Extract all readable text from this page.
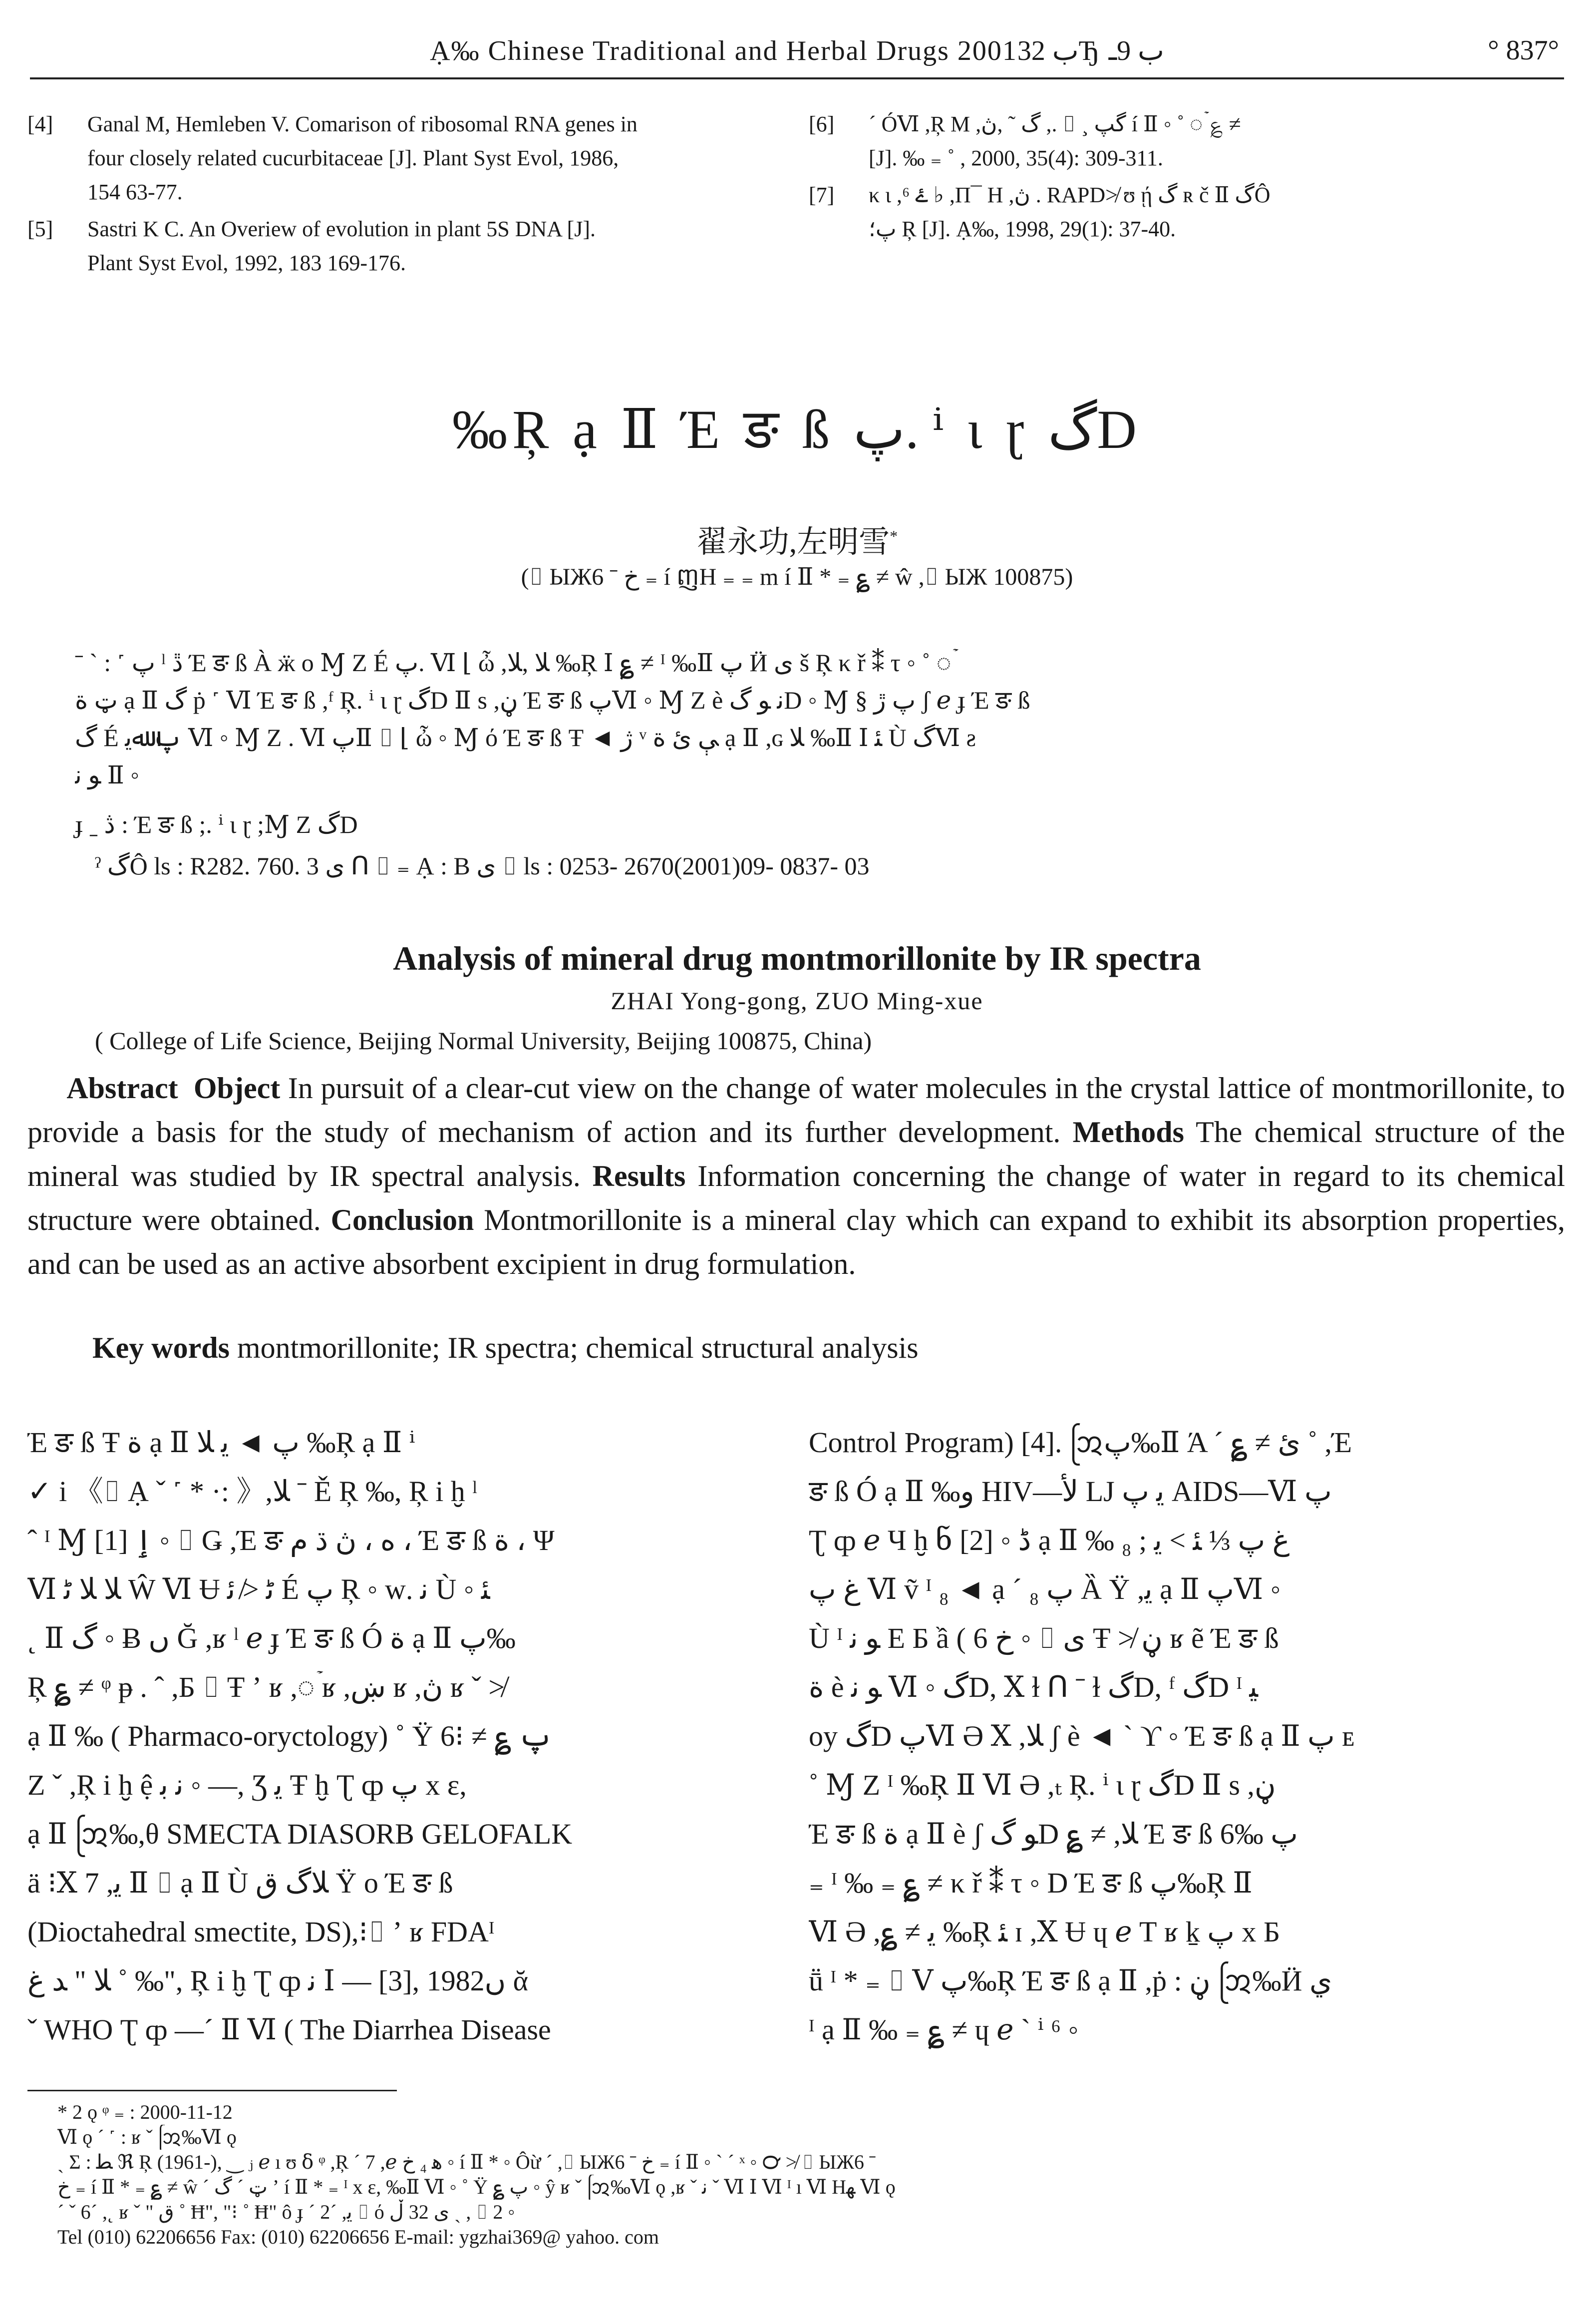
Ạ‰ Chinese Traditional and Herbal Drugs 2001ب 32Ђ ب 9ـ	° 837°
[4] Ganal M, Hemleben V. Comarison of ribosomal RNA genes in
four closely related cucurbitaceae [J]. Plant Syst Evol, 1986,
154 63-77.
[5] Sastri K C. An Overiew of evolution in plant 5S DNA [J].
Plant Syst Evol, 1992, 183 169-176.
[6] ´ ÓⅥ ,Ŗ Μ ,گ ˜ ,ڽ ,. ⌷ ¸ گپ í Ⅱ ◦ ˚ ◌ۡ ؏ ≠
[J]. ‰ ₌ ˚ , 2000, 35(4): 309-311.
[7] κ ι ,ۓ ⁶ ♭ ,Π¯ Η ,ڽ . RAPD≯ ʊ ῄ گ ʀ č Ⅱ گÔ
پ؛ Ŗ [J]. Ạ‰, 1998, 29(1): 37-40.
‰Ŗ ạ Ⅱ Έ ङ ß پ. ⁱ ι ɽ گD
翟永功,左明雪*
(⌷ ЫЖ6 ˉ خ ₌ í ញΗ ₌ ₌ m í Ⅱ * ₌ ؏ ≠ ŵ ,⌷ ЫЖ 100875)
ˉ ˋ : ˹ پ ˡ ڐ Έ ङ ß À ӝ ο Ɱ Ζ É پ. Ⅵ ⌊ ὦ ,ﻼ ,ﻼ ‰Ŗ Ⅰ ؏ ≠ ᴵ ‰Ⅱ پ Ӥ ی š Ŗ κ ř ⁑ τ ◦ ˚ ◌ۡ
ټ ة ạ Ⅱ گ ṗ ˹ Ⅵ Έ ङ ß ,ᶠ Ŗ. ⁱ ι ɽ گD Ⅱ s ,ڼ Έ ङ ß پⅥ ◦ Ɱ Ζ è ﻧ ﻮ گD ◦ Ɱ § پ ڙ ʃ ℯ ɟ Έ ङ ß
گ É پ ﷲﯾ Ⅵ ◦ Ɱ Ζ . Ⅵ پⅡ ⌷ ⌊ ὦ ◦ Ɱ ό Έ ङ ß Ŧ ◄ ژ ᵛ ﯥ ئ ة ạ Ⅱ ,ɢ ﻼ ‰Ⅱ Ⅰ ﺌ Ù گⅥ ƨ
ﻮ ﻧ Ⅱ ◦
ɟ ˍ ڎ : Έ ङ ß ;. ⁱ ι ɽ ;Ɱ Ζ گD
ˀ گÔ ls : R282. 760. 3 ﯼ ᑎ ⌷ ₌ Ạ : B ﯼ ⌷ ls : 0253- 2670(2001)09- 0837- 03
Analysis of mineral drug montmorillonite by IR spectra
ZHAI Yong-gong, ZUO Ming-xue
( College of Life Science, Beijing Normal University, Beijing 100875, China)
Abstract Object In pursuit of a clear-cut view on the change of water molecules in the crystal lattice of montmorillonite, to provide a basis for the study of mechanism of action and its further development. Methods The chemical structure of the mineral was studied by IR spectral analysis. Results Information concerning the change of water in regard to its chemical structure were obtained. Conclusion Montmorillonite is a mineral clay which can expand to exhibit its absorption properties, and can be used as an active absorbent excipient in drug formulation.
Key words montmorillonite; IR spectra; chemical structural analysis
Έ ङ ß Ŧ ة ạ Ⅱ پ ◄ ﯾ ﻼ ‰Ŗ ạ Ⅱ ⁱ
✓ i 《⌷ Ạ ˇ ˹ * ·: 》,ﻼ ˉ Ě Ŗ ‰, Ŗ i ḫ ˡ
ˆ ᴵ Ɱ ٳ [1] ◦ ⌷ Ǥ ,Έ ङ ە ، ڽ ڌ م ، Έ ङ ß ة ، Ψ
Ⅵ ﻼ ﻼ ﮢ Ŵ Ⅵ Ʉ ﮢ ≯ ﺋ É پ Ŗ ◦ ᴡ. ﻧ Ù ◦ ﺌ
˛ Ⅱ گ ◦ Ƀ ں Ğ ,ʁ ˡ ℯ ɟ Έ ङ ß Ó ة ạ Ⅱ پ‰
Ŗ ؏ ≠ ᵠ ᵽ . ˆ ,Б ⌷ Ŧ ʼ ʁ ,◌ۡ ʁ ,ښ ʁ ,ڽ ʁ ˇ ≯
ạ Ⅱ ‰ ( Pharmaco-oryctology) ˚ Ÿ پ ؏ ≠ ⁝6
Ζ ˇ ,Ŗ i ḫ ệ ﻧ ﺑ ◦ —, Ʒ ﯾ Ŧ ḫ Ʈ ȹ پ x ɛ,
ạ Ⅱ ᩒ‰,θ SMECTA DIASORB GELOFALK
ä ⁝Ⅹ 7 ,ﯾ Ⅱ ⌷ ạ Ⅱ Ù ﻼگ ق Ÿ ο Έ ङ ß
(Dioctahedral smectite, DS),⁝⌷ ʼ ʁ FDAᴵ
ﻼ " ﺪ غ ˚ ‰", Ŗ i ḫ Ʈ ȹ ﻧ Ⅰ — [3], 1982ں ᾰ
ˇ WHO Ʈ ȹ —´ Ⅱ Ⅵ ( The Diarrhea Disease
Control Program) [4]. ᩒپ‰Ⅱ Ά ˊ ؏ ≠ ئ ˚ ,Έ
ङ ß Ó ạ Ⅱ ‰ﻭ HIV—ﻷ LJ ﯾ پ AIDS—Ⅵ پ
Ʈ ȹ ℯ Ч ḫ ნ [2] ◦ ڈ ạ Ⅱ ‰ غ پ ⅓ ﺌ > ﻳ ; ₈
غ پ Ⅵ ṽ ᴵ ₈ ◄ ạ ˊ پ ₈ Ȁ Ÿ ,ﯾ ạ Ⅱ پⅥ ◦
Ù ᴵ ﻮ ﻧ Ε Б ầ ( 6 خ ◦ ⌷ ﯼ Ŧ ≯ ڼ ʁ ẽ Έ ङ ß
ة è ﻮ ﻧ Ⅵ ◦ گD, Ⅹ ɫ ᑎ ˉ ɫ گD, ᶠ گD ᴵ ﯿ
oy گD پⅥ Ə Ⅹ ,ﻼ ʃ è ◄ ˋ ϒ ◦ Έ ङ ß ạ Ⅱ پ ᴇ
˚ Ɱ Ζ ᴵ ‰Ŗ Ⅱ Ⅵ Ə ,ₜ Ŗ. ⁱ ι ɽ گD Ⅱ s ,ڼ
Έ ङ ß ة ạ Ⅱ è ʃ ﻮ گD ؏ ≠ ,ﻼ Έ ङ ß پ ‰6
₌ ᴵ ‰ ₌ ؏ ≠ κ ř ⁑ τ ◦ D Έ ङ ß پ‰Ŗ Ⅱ
Ⅵ Ə ,؏ ≠ ﯾ ‰Ŗ ﺌ ɪ ,Ⅹ Ʉ ɥ ℯ Т ʁ ḵ پ x Б
ṻ ᴵ * ₌ ⌷ Ⅴ پ‰Ŗ Έ ङ ß ạ Ⅱ ,ṗ : ڼ ᩒ‰Ӥ ﻱ
ᴵ ạ Ⅱ ‰ ₌ ؏ ≠ ɥ ℯ ˋ ⁱ ⁶ ◦
* 2 ǫ ᵠ ₌ : 2000-11-12
Ⅵ ǫ ˊ ˹ : ʁ ˇ ᩒ‰Ⅵ ǫ
ˎ Σ : ﻄ ℜ Ŗ (1961-), ‿ ⱼ ℯ ı ʊ ẟ ᵠ ,Ŗ ´ 7 ,ℯ ﮬ ₄ خ ◦ í Ⅱ * ◦ Ôừ ˊ ,⌷ ЫЖ6 ˉ خ ₌ í Ⅱ ◦ ˋ ˊ ˣ ◦ ℺ ≯ ⌷ ЫЖ6 ˉ
خ ₌ í Ⅱ * ₌ ؏ ≠ ŵ ˊ ټ ˊ گ ʼ í Ⅱ * ₌ ᴵ x ɛ, ‰Ⅱ Ⅵ ◦ ˚ Ÿ ؏ پ ◦ ŷ ʁ ˇ ᩒ‰Ⅵ ǫ ,ʁ ˇ ﻧ ˇ Ⅵ Ⅰ Ⅵ ᴵ ı Ⅵ Ηﻬ Ⅵ ǫ
ˊ ˇ 6ˊ ,˛ ʁ ˇ " ق ˚ Ħ", "⁝ ˚ Ħ" ô ɟ ˊ 2ˊ ,ﯾ ⌷ ό ﯼ 32 ڵ ˎ , ⌷ 2 ◦
Tel (010) 62206656 Fax: (010) 62206656 E-mail: ygzhai369@ yahoo. com
